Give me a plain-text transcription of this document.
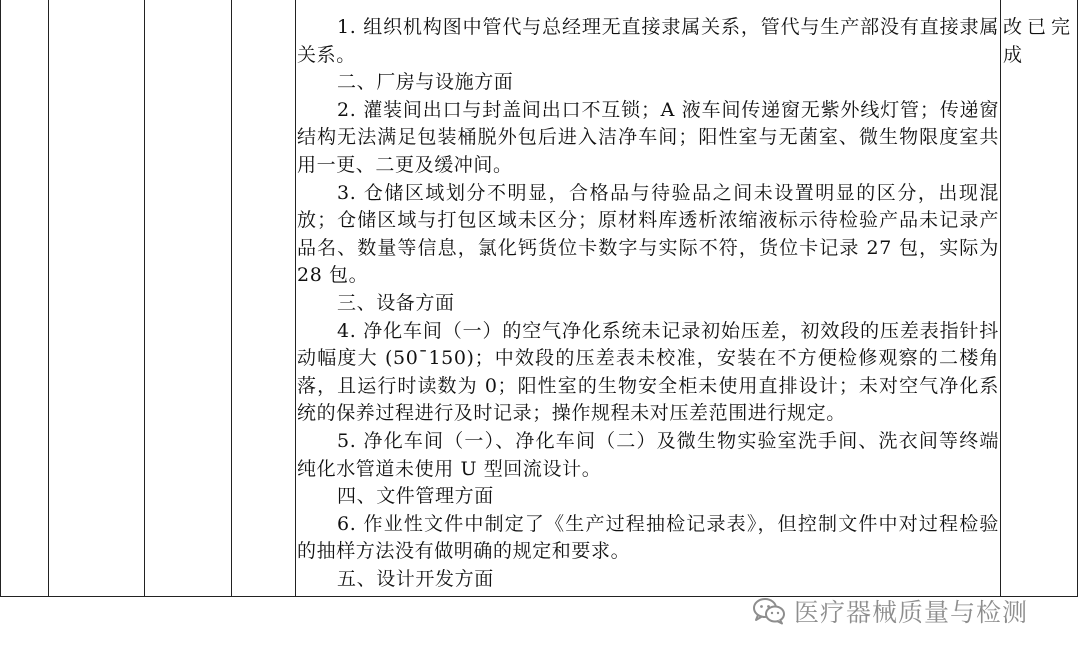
1. 组织机构图中管代与总经理无直接隶属关系，管代与生产部没有直接隶属关系。

二、厂房与设施方面

2. 灌装间出口与封盖间出口不互锁；A 液车间传递窗无紫外线灯管；传递窗结构无法满足包装桶脱外包后进入洁净车间；阳性室与无菌室、微生物限度室共用一更、二更及缓冲间。

3. 仓储区域划分不明显，合格品与待验品之间未设置明显的区分，出现混放；仓储区域与打包区域未区分；原材料库透析浓缩液标示待检验产品未记录产品名、数量等信息，氯化钙货位卡数字与实际不符，货位卡记录 27 包，实际为 28 包。

三、设备方面

4. 净化车间（一）的空气净化系统未记录初始压差，初效段的压差表指针抖动幅度大 (50¯150)；中效段的压差表未校准，安装在不方便检修观察的二楼角落，且运行时读数为 0；阳性室的生物安全柜未使用直排设计；未对空气净化系统的保养过程进行及时记录；操作规程未对压差范围进行规定。

5. 净化车间（一）、净化车间（二）及微生物实验室洗手间、洗衣间等终端纯化水管道未使用 U 型回流设计。

四、文件管理方面

6. 作业性文件中制定了《生产过程抽检记录表》，但控制文件中对过程检验的抽样方法没有做明确的规定和要求。

五、设计开发方面

改已完成
医疗器械质量与检测
